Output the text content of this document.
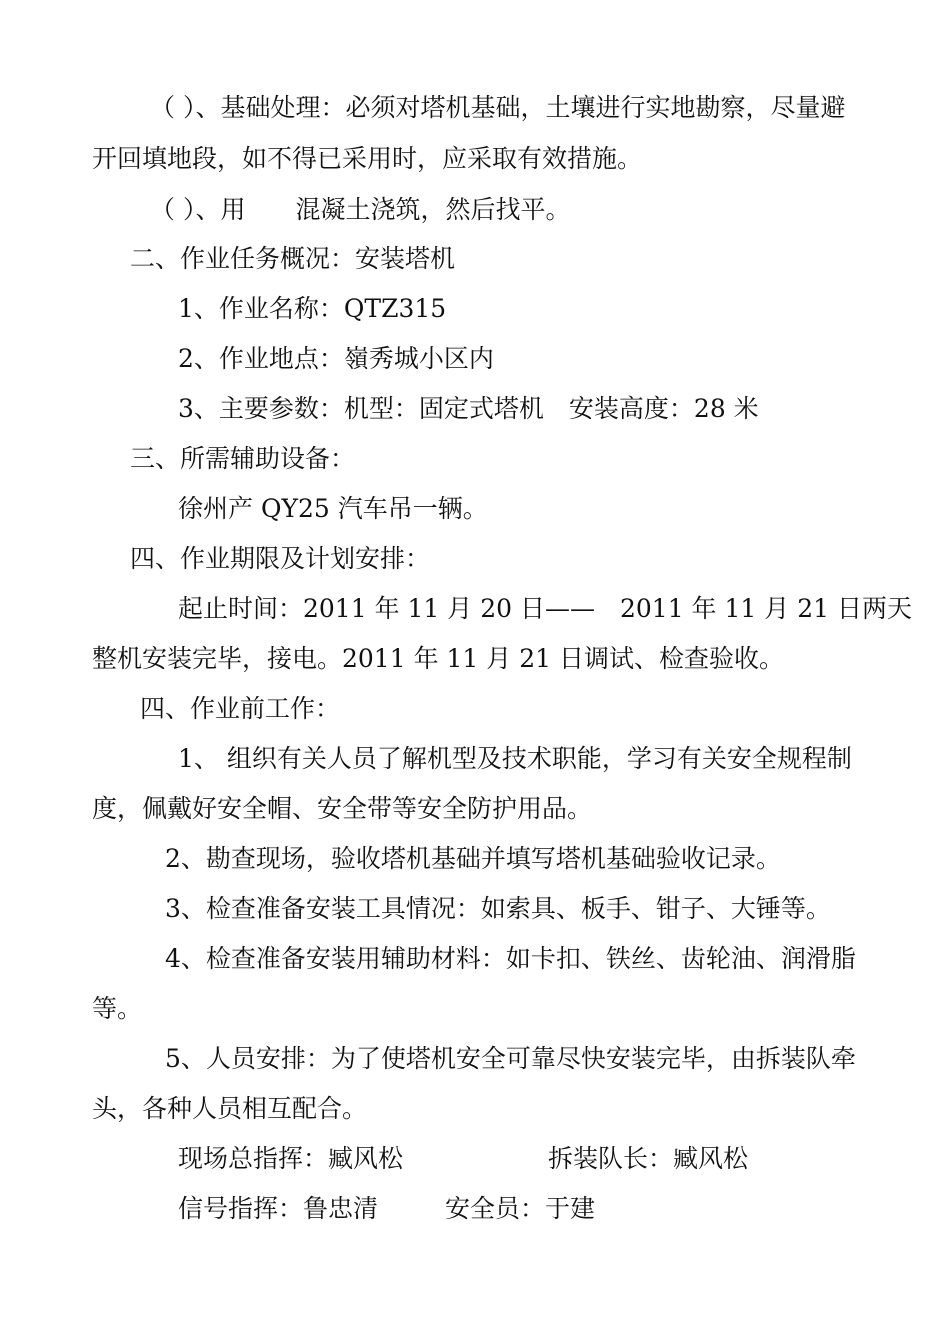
（ ）、基础处理：必须对塔机基础，土壤进行实地勘察，尽量避
开回填地段，如不得已采用时，应采取有效措施。
（ ）、用　　混凝土浇筑，然后找平。
二、作业任务概况：安装塔机
1、作业名称：QTZ315
2、作业地点：嶺秀城小区内
3、主要参数：机型：固定式塔机　安装高度：28 米
三、所需辅助设备：
徐州产 QY25 汽车吊一辆。
四、作业期限及计划安排：
起止时间：2011 年 11 月 20 日——　2011 年 11 月 21 日两天
整机安装完毕，接电。2011 年 11 月 21 日调试、检查验收。
四、作业前工作：
1、 组织有关人员了解机型及技术职能，学习有关安全规程制
度，佩戴好安全帽、安全带等安全防护用品。
2、勘查现场，验收塔机基础并填写塔机基础验收记录。
3、检查准备安装工具情况：如索具、板手、钳子、大锤等。
4、检查准备安装用辅助材料：如卡扣、铁丝、齿轮油、润滑脂
等。
5、人员安排：为了使塔机安全可靠尽快安装完毕，由拆装队牵
头，各种人员相互配合。
现场总指挥：臧风松	拆装队长：臧风松
信号指挥：鲁忠清	安全员：于建
